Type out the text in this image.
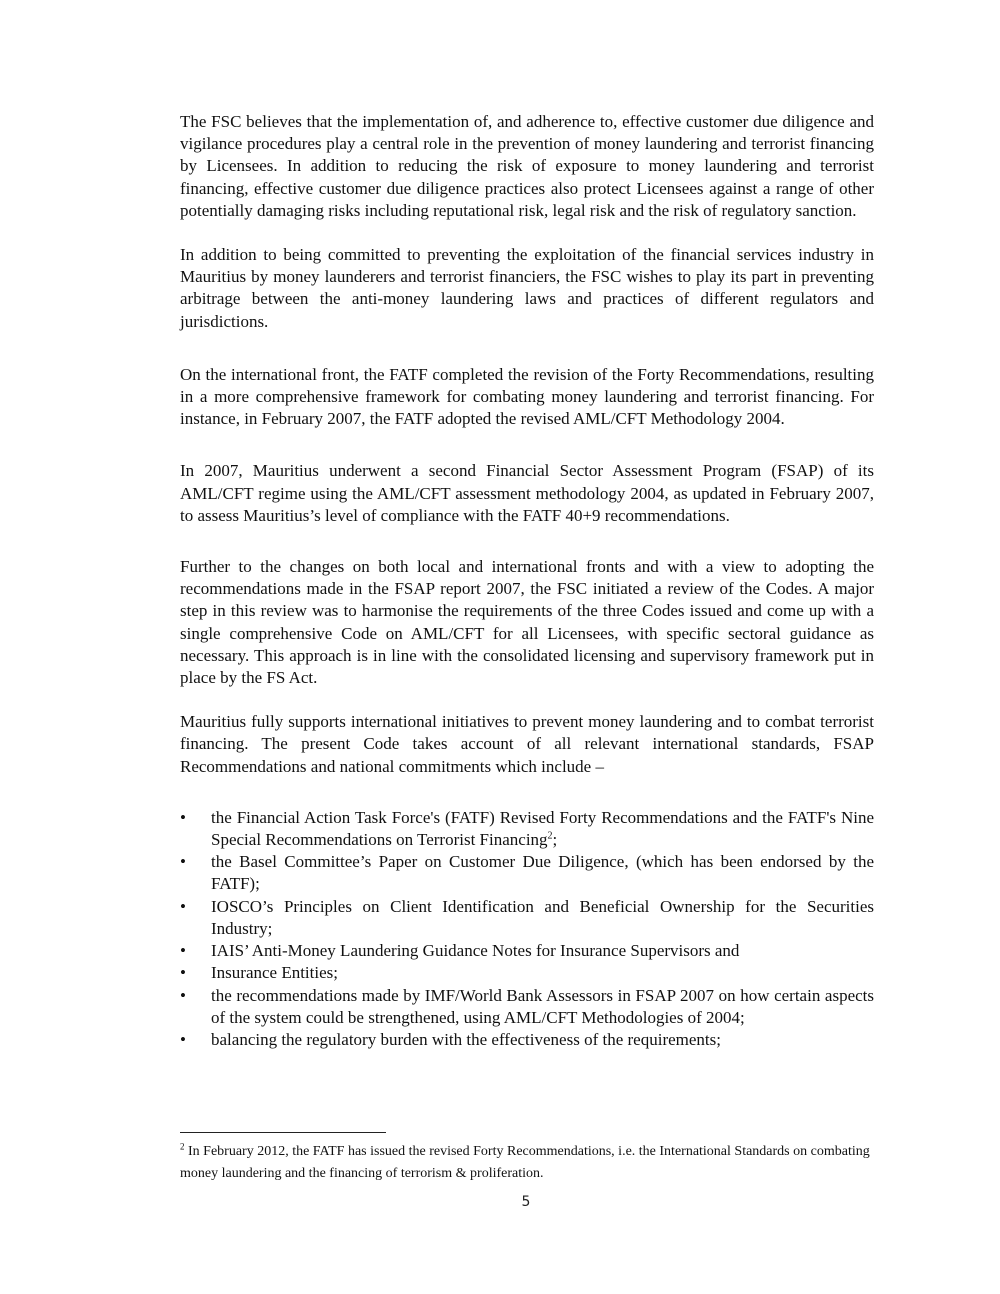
The FSC believes that the implementation of, and adherence to, effective customer due diligence and vigilance procedures play a central role in the prevention of money laundering and terrorist financing by Licensees. In addition to reducing the risk of exposure to money laundering and terrorist financing, effective customer due diligence practices also protect Licensees against a range of other potentially damaging risks including reputational risk, legal risk and the risk of regulatory sanction.

In addition to being committed to preventing the exploitation of the financial services industry in Mauritius by money launderers and terrorist financiers, the FSC wishes to play its part in preventing arbitrage between the anti-money laundering laws and practices of different regulators and jurisdictions.

On the international front, the FATF completed the revision of the Forty Recommendations, resulting in a more comprehensive framework for combating money laundering and terrorist financing. For instance, in February 2007, the FATF adopted the revised AML/CFT Methodology 2004.

In 2007, Mauritius underwent a second Financial Sector Assessment Program (FSAP) of its AML/CFT regime using the AML/CFT assessment methodology 2004, as updated in February 2007, to assess Mauritius’s level of compliance with the FATF 40+9 recommendations.

Further to the changes on both local and international fronts and with a view to adopting the recommendations made in the FSAP report 2007, the FSC initiated a review of the Codes. A major step in this review was to harmonise the requirements of the three Codes issued and come up with a single comprehensive Code on AML/CFT for all Licensees, with specific sectoral guidance as necessary. This approach is in line with the consolidated licensing and supervisory framework put in place by the FS Act.

Mauritius fully supports international initiatives to prevent money laundering and to combat terrorist financing. The present Code takes account of all relevant international standards, FSAP Recommendations and national commitments which include –

•	the Financial Action Task Force's (FATF) Revised Forty Recommendations and the FATF's Nine Special Recommendations on Terrorist Financing$^2$;
•	the Basel Committee’s Paper on Customer Due Diligence, (which has been endorsed by the FATF);
•	IOSCO’s Principles on Client Identification and Beneficial Ownership for the Securities Industry;
•	IAIS’ Anti-Money Laundering Guidance Notes for Insurance Supervisors and
•	Insurance Entities;
•	the recommendations made by IMF/World Bank Assessors in FSAP 2007 on how certain aspects of the system could be strengthened, using AML/CFT Methodologies of 2004;
•	balancing the regulatory burden with the effectiveness of the requirements;
$^2$ In February 2012, the FATF has issued the revised Forty Recommendations, i.e. the International Standards on combating money laundering and the financing of terrorism & proliferation.
5
